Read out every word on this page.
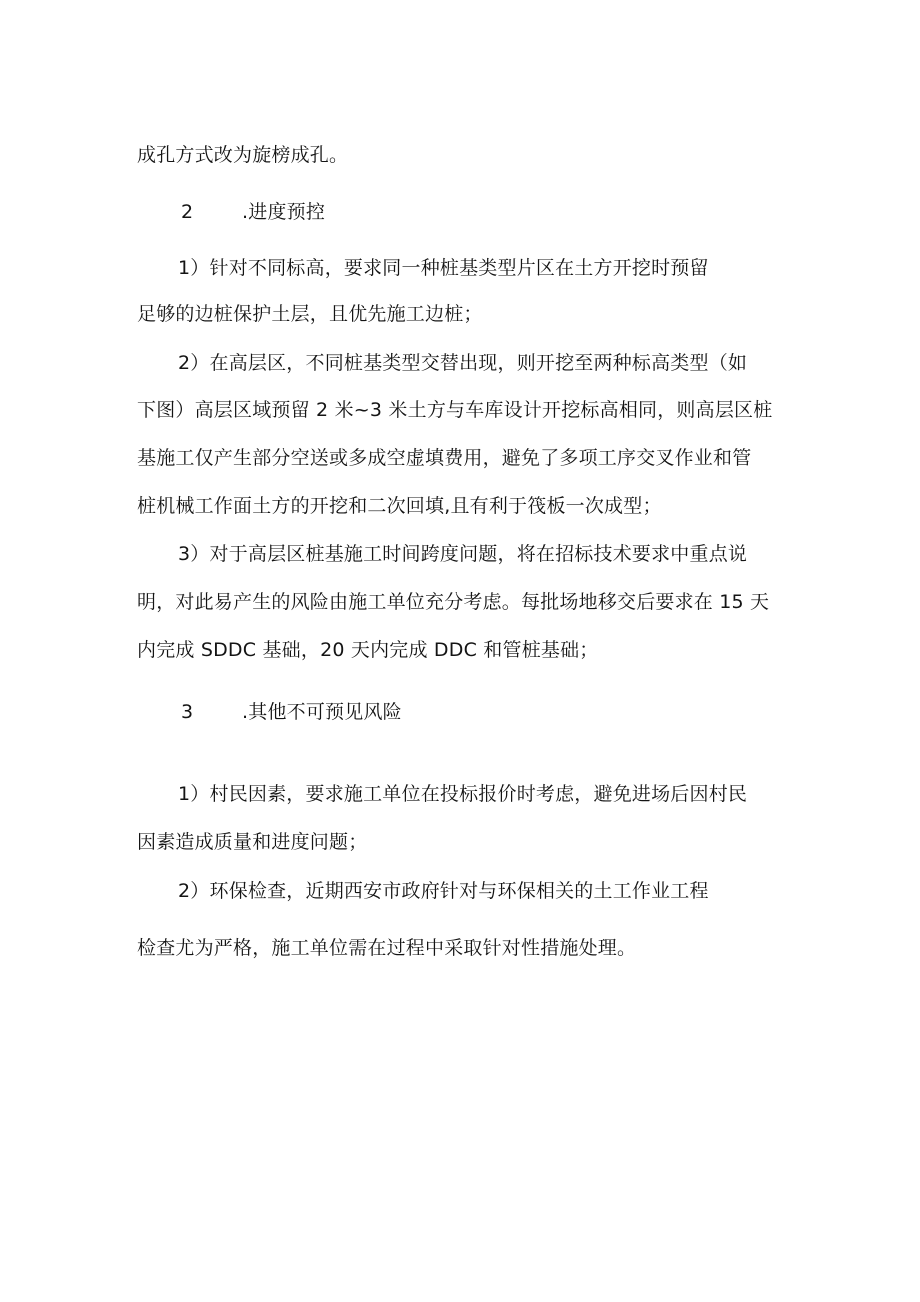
成孔方式改为旋榜成孔。
2	.进度预控
1）针对不同标高，要求同一种桩基类型片区在土方开挖时预留
足够的边桩保护土层，且优先施工边桩；
2）在高层区，不同桩基类型交替出现，则开挖至两种标高类型（如
下图）高层区域预留 2 米~3 米土方与车库设计开挖标高相同，则高层区桩
基施工仅产生部分空送或多成空虚填费用，避免了多项工序交叉作业和管
桩机械工作面土方的开挖和二次回填,且有利于筏板一次成型；
3）对于高层区桩基施工时间跨度问题，将在招标技术要求中重点说
明，对此易产生的风险由施工单位充分考虑。每批场地移交后要求在 15 天
内完成 SDDC 基础，20 天内完成 DDC 和管桩基础；
3	.其他不可预见风险
1）村民因素，要求施工单位在投标报价时考虑，避免进场后因村民
因素造成质量和进度问题；
2）环保检查，近期西安市政府针对与环保相关的土工作业工程
检查尤为严格，施工单位需在过程中采取针对性措施处理。
